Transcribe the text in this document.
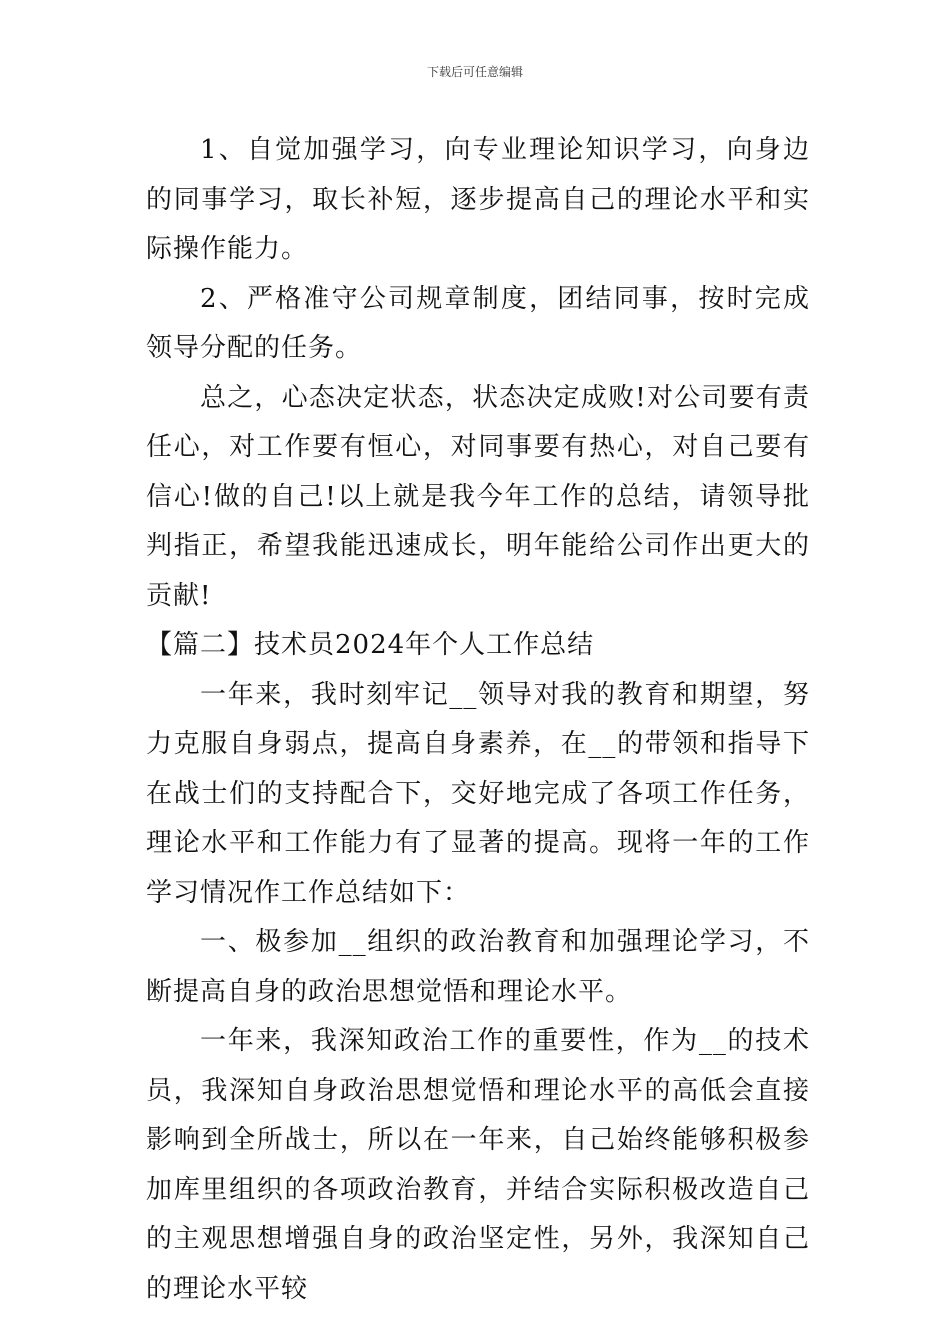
下载后可任意编辑

1、自觉加强学习，向专业理论知识学习，向身边的同事学习，取长补短，逐步提高自己的理论水平和实际操作能力。

2、严格准守公司规章制度，团结同事，按时完成领导分配的任务。

总之，心态决定状态，状态决定成败!对公司要有责任心，对工作要有恒心，对同事要有热心，对自己要有信心!做的自己!以上就是我今年工作的总结，请领导批判指正，希望我能迅速成长，明年能给公司作出更大的贡献!

【篇二】技术员2024年个人工作总结

一年来，我时刻牢记__领导对我的教育和期望，努力克服自身弱点，提高自身素养，在__的带领和指导下在战士们的支持配合下，交好地完成了各项工作任务，理论水平和工作能力有了显著的提高。现将一年的工作学习情况作工作总结如下：

一、极参加__组织的政治教育和加强理论学习，不断提高自身的政治思想觉悟和理论水平。

一年来，我深知政治工作的重要性，作为__的技术员，我深知自身政治思想觉悟和理论水平的高低会直接影响到全所战士，所以在一年来，自己始终能够积极参加库里组织的各项政治教育，并结合实际积极改造自己的主观思想增强自身的政治坚定性，另外，我深知自己的理论水平较
